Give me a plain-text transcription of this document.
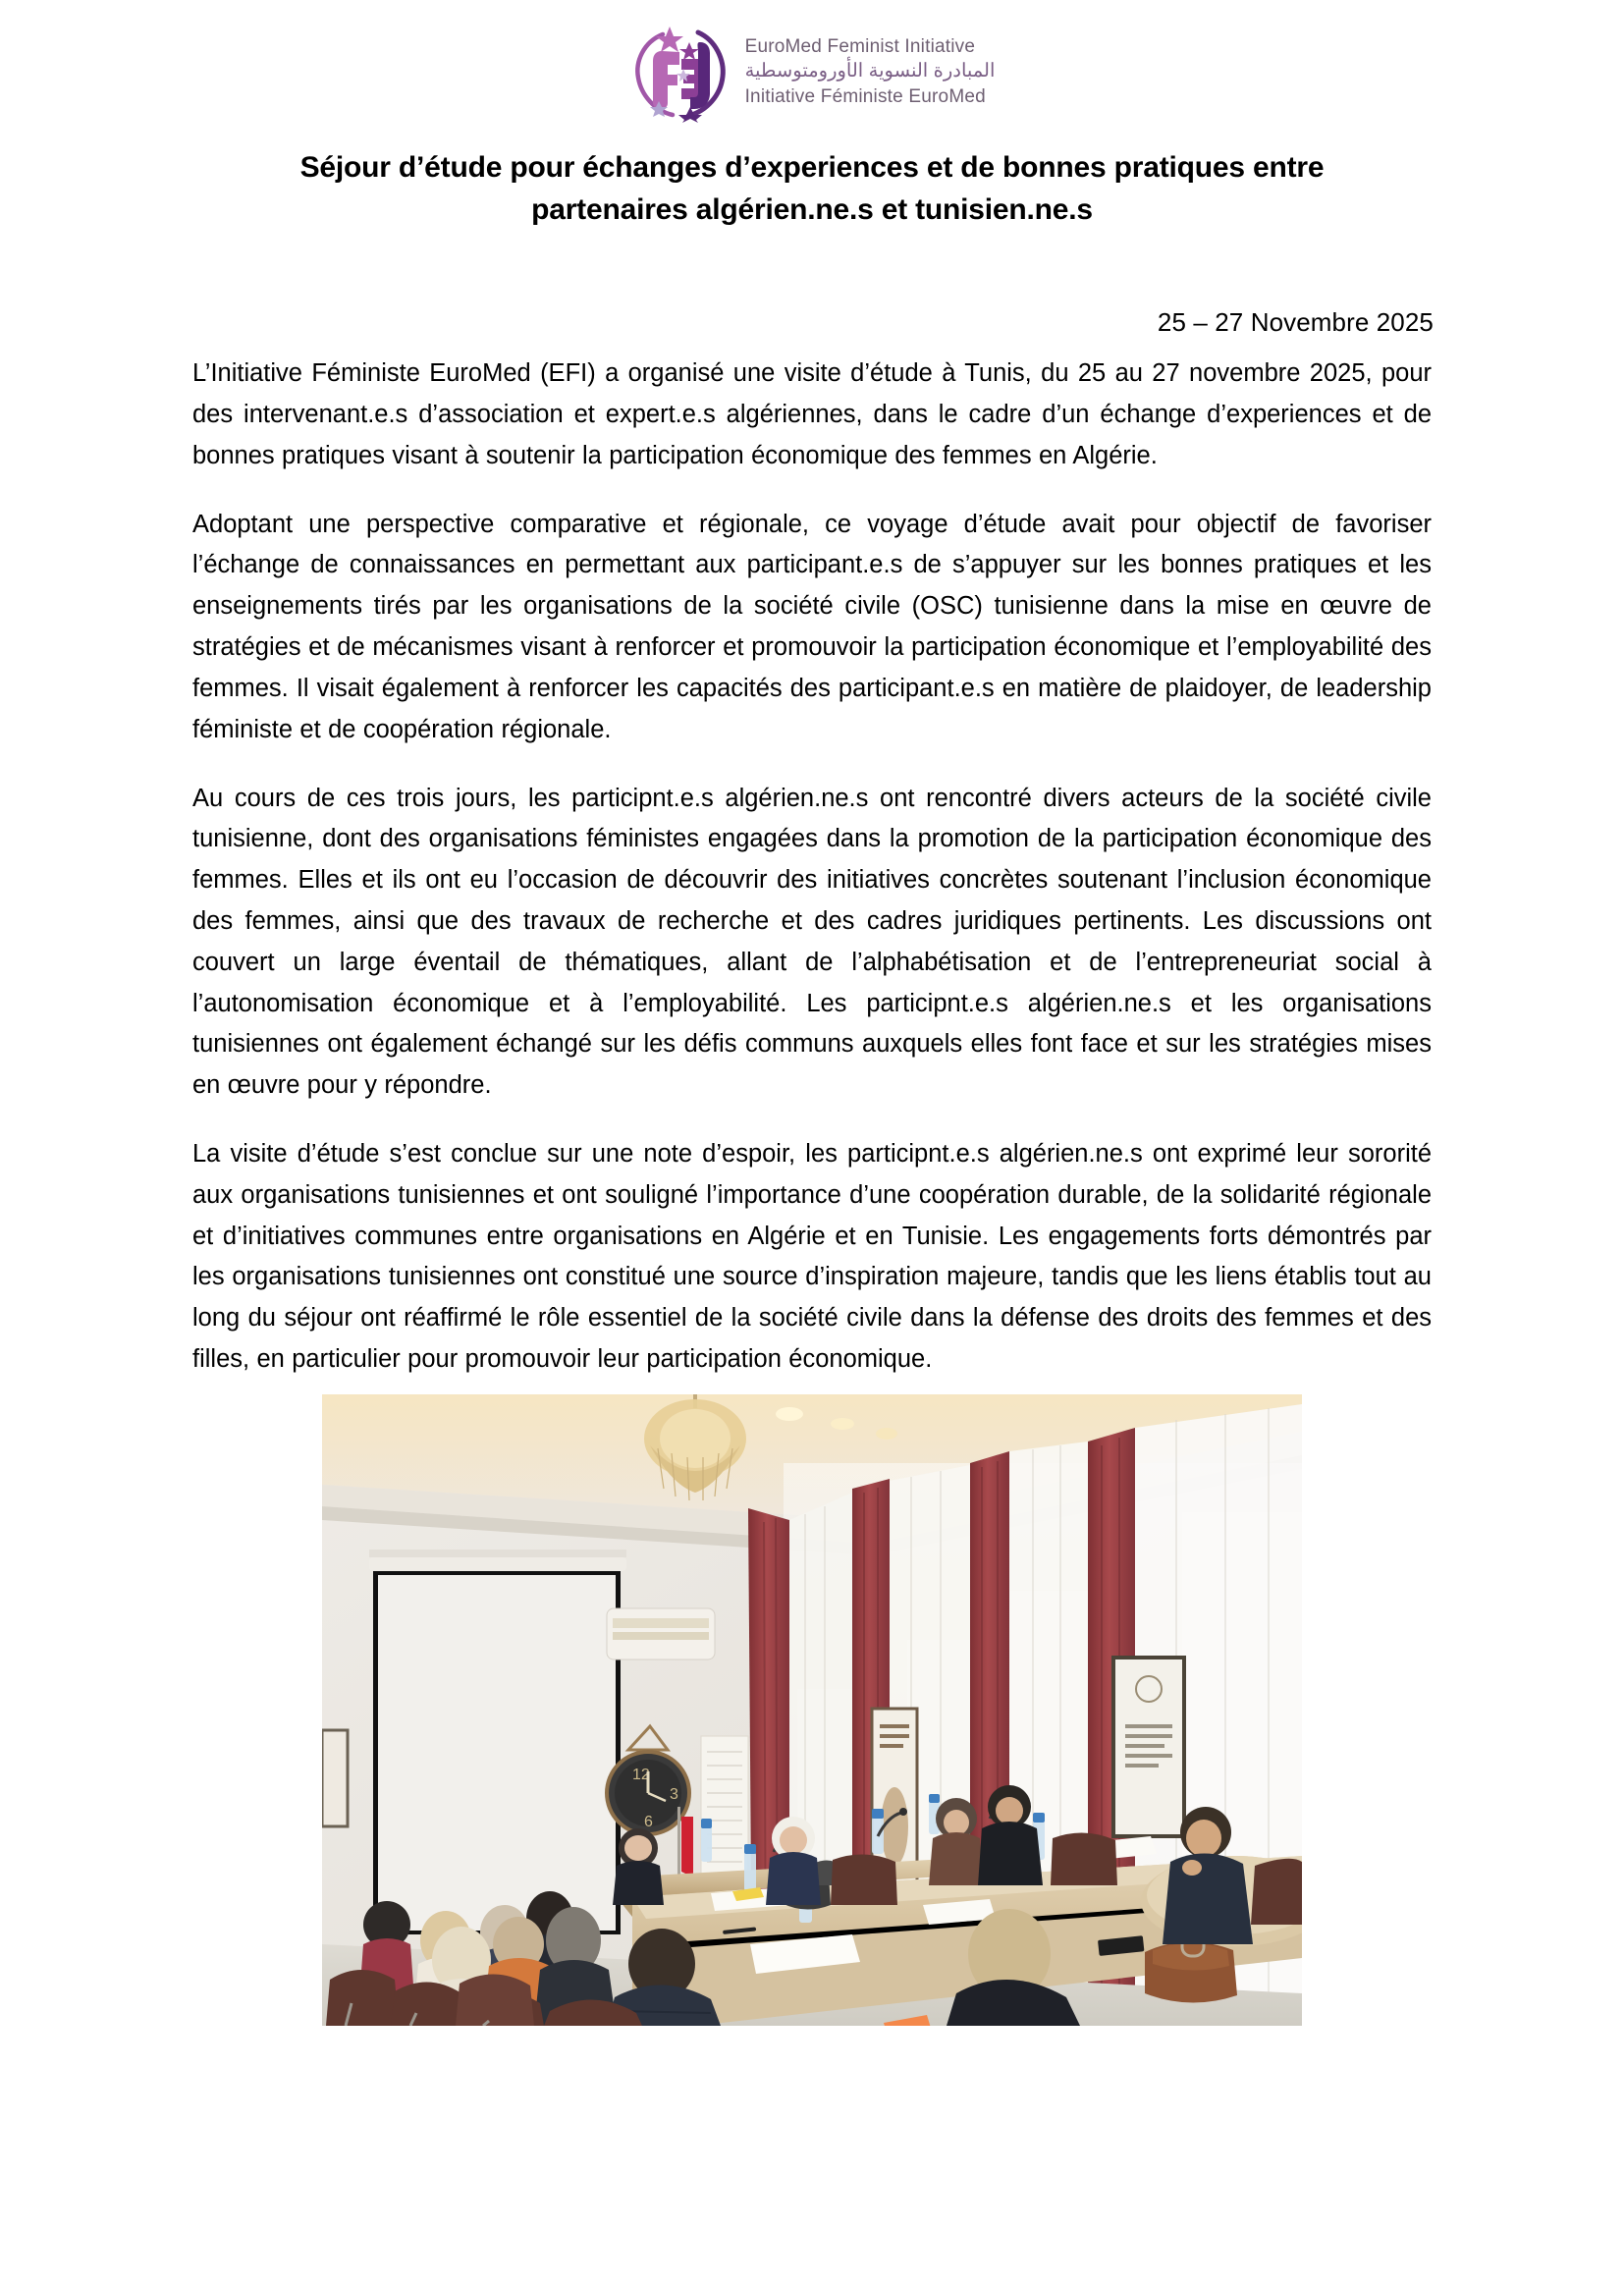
EuroMed Feminist Initiative
المبادرة النسوية الأورومتوسطية
Initiative Féministe EuroMed
Séjour d’étude pour échanges d’experiences et de bonnes pratiques entre
partenaires algérien.ne.s et tunisien.ne.s
25 – 27 Novembre 2025

L’Initiative Féministe EuroMed (EFI) a organisé une visite d’étude à Tunis, du 25 au 27 novembre 2025, pour des intervenant.e.s d’association et expert.e.s algériennes, dans le cadre d’un échange d’experiences et de bonnes pratiques visant à soutenir la participation économique des femmes en Algérie.

Adoptant une perspective comparative et régionale, ce voyage d’étude avait pour objectif de favoriser l’échange de connaissances en permettant aux participant.e.s de s’appuyer sur les bonnes pratiques et les enseignements tirés par les organisations de la société civile (OSC) tunisienne dans la mise en œuvre de stratégies et de mécanismes visant à renforcer et promouvoir la participation économique et l’employabilité des femmes. Il visait également à renforcer les capacités des participant.e.s en matière de plaidoyer, de leadership féministe et de coopération régionale.

Au cours de ces trois jours, les participnt.e.s algérien.ne.s ont rencontré divers acteurs de la société civile tunisienne, dont des organisations féministes engagées dans la promotion de la participation économique des femmes. Elles et ils ont eu l’occasion de découvrir des initiatives concrètes soutenant l’inclusion économique des femmes, ainsi que des travaux de recherche et des cadres juridiques pertinents. Les discussions ont couvert un large éventail de thématiques, allant de l’alphabétisation et de l’entrepreneuriat social à l’autonomisation économique et à l’employabilité. Les participnt.e.s algérien.ne.s et les organisations tunisiennes ont également échangé sur les défis communs auxquels elles font face et sur les stratégies mises en œuvre pour y répondre.

La visite d’étude s’est conclue sur une note d’espoir, les participnt.e.s algérien.ne.s ont exprimé leur sororité aux organisations tunisiennes et ont souligné l’importance d’une coopération durable, de la solidarité régionale et d’initiatives communes entre organisations en Algérie et en Tunisie. Les engagements forts démontrés par les organisations tunisiennes ont constitué une source d’inspiration majeure, tandis que les liens établis tout au long du séjour ont réaffirmé le rôle essentiel de la société civile dans la défense des droits des femmes et des filles, en particulier pour promouvoir leur participation économique.

12
3
6
